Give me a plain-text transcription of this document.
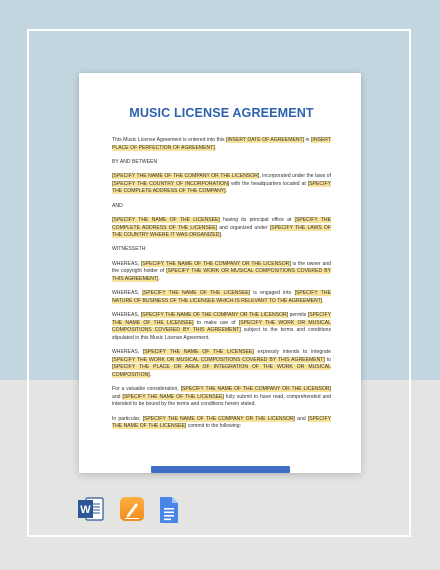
MUSIC LICENSE AGREEMENT

This Music License Agreement is entered into this [INSERT DATE OF AGREEMENT] in [INSERT PLACE OF PERFECTION OF AGREEMENT].

BY AND BETWEEN

[SPECIFY THE NAME OF THE COMPANY OR THE LICENSOR], incorporated under the laws of [SPECIFY THE COUNTRY OF INCORPORATION] with the headquarters located at [SPECIFY THE COMPLETE ADDRESS OF THE COMPANY].

AND

[SPECIFY THE NAME OF THE LICENSEE] having its principal office at [SPECIFY THE COMPLETE ADDRESS OF THE LICENSEE] and organized under [SPECIFY THE LAWS OF THE COUNTRY WHERE IT WAS ORGANIZED].

WITNESSETH:

WHEREAS, [SPECIFY THE NAME OF THE COMPANY OR THE LICENSOR] is the owner and the copyright holder of [SPECIFY THE WORK OR MUSICAL COMPOSITIONS COVERED BY THIS AGREEMENT].

WHEREAS, [SPECIFY THE NAME OF THE LICENSEE] is engaged into [SPECIFY THE NATURE OF BUSINESS OF THE LICENSEE WHICH IS RELEVANT TO THE AGREEMENT].

WHEREAS, [SPECIFY THE NAME OF THE COMPANY OR THE LICENSOR] permits [SPECIFY THE NAME OF THE LICENSEE] to make use of [SPECIFY THE WORK OR MUSICAL COMPOSITIONS COVERED BY THIS AGREEMENT] subject to the terms and conditions stipulated in this Music License Agreement.

WHEREAS, [SPECIFY THE NAME OF THE LICENSEE] expressly intends to integrate [SPECIFY THE WORK OR MUSICAL COMPOSITIONS COVERED BY THIS AGREEMENT] to [SPECIFY THE PLACE OR AREA OF INTEGRATION OF THE WORK OR MUSICAL COMPOSITION].

For a valuable consideration, [SPECIFY THE NAME OF THE COMPANY OR THE LICENSOR] and [SPECIFY THE NAME OF THE LICENSEE] fully submit to have read, comprehended and intended to be bound by the terms and conditions herein stated.

In particular, [SPECIFY THE NAME OF THE COMPANY OR THE LICENSOR] and [SPECIFY THE NAME OF THE LICENSEE] commit to the following:

W
